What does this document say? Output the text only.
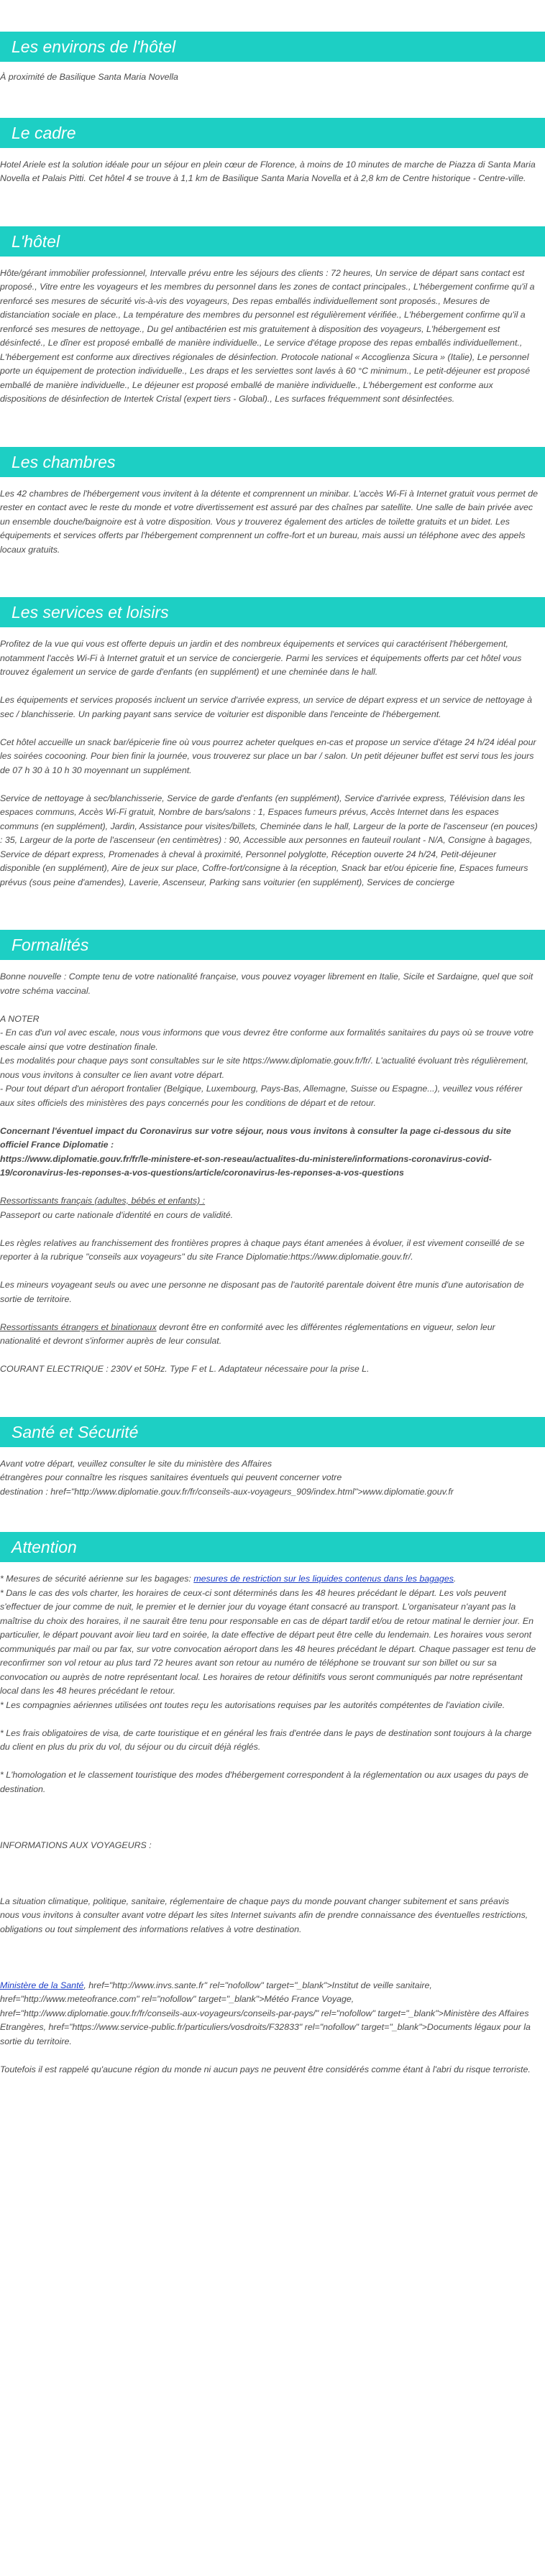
Les environs de l'hôtel

À proximité de Basilique Santa Maria Novella

Le cadre

Hotel Ariele est la solution idéale pour un séjour en plein cœur de Florence, à moins de 10 minutes de marche de Piazza di Santa Maria Novella et Palais Pitti. Cet hôtel 4 se trouve à 1,1 km de Basilique Santa Maria Novella et à 2,8 km de Centre historique - Centre-ville.

L'hôtel

Hôte/gérant immobilier professionnel, Intervalle prévu entre les séjours des clients : 72 heures, Un service de départ sans contact est proposé., Vitre entre les voyageurs et les membres du personnel dans les zones de contact principales., L'hébergement confirme qu'il a renforcé ses mesures de sécurité vis-à-vis des voyageurs, Des repas emballés individuellement sont proposés., Mesures de distanciation sociale en place., La température des membres du personnel est régulièrement vérifiée., L'hébergement confirme qu'il a renforcé ses mesures de nettoyage., Du gel antibactérien est mis gratuitement à disposition des voyageurs, L'hébergement est désinfecté., Le dîner est proposé emballé de manière individuelle., Le service d'étage propose des repas emballés individuellement., L'hébergement est conforme aux directives régionales de désinfection. Protocole national « Accoglienza Sicura » (Italie), Le personnel porte un équipement de protection individuelle., Les draps et les serviettes sont lavés à 60 °C minimum., Le petit-déjeuner est proposé emballé de manière individuelle., Le déjeuner est proposé emballé de manière individuelle., L'hébergement est conforme aux dispositions de désinfection de Intertek Cristal (expert tiers - Global)., Les surfaces fréquemment sont désinfectées.

Les chambres

Les 42 chambres de l'hébergement vous invitent à la détente et comprennent un minibar. L'accès Wi-Fi à Internet gratuit vous permet de rester en contact avec le reste du monde et votre divertissement est assuré par des chaînes par satellite. Une salle de bain privée avec un ensemble douche/baignoire est à votre disposition. Vous y trouverez également des articles de toilette gratuits et un bidet. Les équipements et services offerts par l'hébergement comprennent un coffre-fort et un bureau, mais aussi un téléphone avec des appels locaux gratuits.

Les services et loisirs

Profitez de la vue qui vous est offerte depuis un jardin et des nombreux équipements et services qui caractérisent l'hébergement, notamment l'accès Wi-Fi à Internet gratuit et un service de conciergerie. Parmi les services et équipements offerts par cet hôtel vous trouvez également un service de garde d'enfants (en supplément) et une cheminée dans le hall.

Les équipements et services proposés incluent un service d'arrivée express, un service de départ express et un service de nettoyage à sec / blanchisserie. Un parking payant sans service de voiturier est disponible dans l'enceinte de l'hébergement.

Cet hôtel accueille un snack bar/épicerie fine où vous pourrez acheter quelques en-cas et propose un service d'étage 24 h/24 idéal pour les soirées cocooning. Pour bien finir la journée, vous trouverez sur place un bar / salon. Un petit déjeuner buffet est servi tous les jours de 07 h 30 à 10 h 30 moyennant un supplément.

Service de nettoyage à sec/blanchisserie, Service de garde d'enfants (en supplément), Service d'arrivée express, Télévision dans les espaces communs, Accès Wi-Fi gratuit, Nombre de bars/salons : 1, Espaces fumeurs prévus, Accès Internet dans les espaces communs (en supplément), Jardin, Assistance pour visites/billets, Cheminée dans le hall, Largeur de la porte de l'ascenseur (en pouces) : 35, Largeur de la porte de l'ascenseur (en centimètres) : 90, Accessible aux personnes en fauteuil roulant - N/A, Consigne à bagages, Service de départ express, Promenades à cheval à proximité, Personnel polyglotte, Réception ouverte 24 h/24, Petit-déjeuner disponible (en supplément), Aire de jeux sur place, Coffre-fort/consigne à la réception, Snack bar et/ou épicerie fine, Espaces fumeurs prévus (sous peine d'amendes), Laverie, Ascenseur, Parking sans voiturier (en supplément), Services de concierge

Formalités

Bonne nouvelle : Compte tenu de votre nationalité française, vous pouvez voyager librement en Italie, Sicile et Sardaigne, quel que soit votre schéma vaccinal.

A NOTER

- En cas d'un vol avec escale, nous vous informons que vous devrez être conforme aux formalités sanitaires du pays où se trouve votre escale ainsi que votre destination finale.
Les modalités pour chaque pays sont consultables sur le site https://www.diplomatie.gouv.fr/fr/. L'actualité évoluant très régulièrement, nous vous invitons à consulter ce lien avant votre départ.
- Pour tout départ d'un aéroport frontalier (Belgique, Luxembourg, Pays-Bas, Allemagne, Suisse ou Espagne...), veuillez vous référer aux sites officiels des ministères des pays concernés pour les conditions de départ et de retour.

Concernant l'éventuel impact du Coronavirus sur votre séjour, nous vous invitons à consulter la page ci-dessous du site officiel France Diplomatie :
https://www.diplomatie.gouv.fr/fr/le-ministere-et-son-reseau/actualites-du-ministere/informations-coronavirus-covid-19/coronavirus-les-reponses-a-vos-questions/article/coronavirus-les-reponses-a-vos-questions

Ressortissants français (adultes, bébés et enfants) :

Passeport ou carte nationale d'identité en cours de validité.

Les règles relatives au franchissement des frontières propres à chaque pays étant amenées à évoluer, il est vivement conseillé de se reporter à la rubrique "conseils aux voyageurs" du site France Diplomatie:https://www.diplomatie.gouv.fr/.

Les mineurs voyageant seuls ou avec une personne ne disposant pas de l'autorité parentale doivent être munis d'une autorisation de sortie de territoire.

Ressortissants étrangers et binationaux devront être en conformité avec les différentes réglementations en vigueur, selon leur nationalité et devront s'informer auprès de leur consulat.

COURANT ELECTRIQUE : 230V et 50Hz. Type F et L. Adaptateur nécessaire pour la prise L.

Santé et Sécurité

Avant votre départ, veuillez consulter le site du ministère des Affaires
étrangères pour connaître les risques sanitaires éventuels qui peuvent concerner votre
destination : href="http://www.diplomatie.gouv.fr/fr/conseils-aux-voyageurs_909/index.html">www.diplomatie.gouv.fr

Attention

* Mesures de sécurité aérienne sur les bagages: mesures de restriction sur les liquides contenus dans les bagages.
* Dans le cas des vols charter, les horaires de ceux-ci sont déterminés dans les 48 heures précédant le départ. Les vols peuvent s'effectuer de jour comme de nuit, le premier et le dernier jour du voyage étant consacré au transport. L'organisateur n'ayant pas la maîtrise du choix des horaires, il ne saurait être tenu pour responsable en cas de départ tardif et/ou de retour matinal le dernier jour. En particulier, le départ pouvant avoir lieu tard en soirée, la date effective de départ peut être celle du lendemain. Les horaires vous seront communiqués par mail ou par fax, sur votre convocation aéroport dans les 48 heures précédant le départ. Chaque passager est tenu de reconfirmer son vol retour au plus tard 72 heures avant son retour au numéro de téléphone se trouvant sur son billet ou sur sa convocation ou auprès de notre représentant local. Les horaires de retour définitifs vous seront communiqués par notre représentant local dans les 48 heures précédant le retour.
* Les compagnies aériennes utilisées ont toutes reçu les autorisations requises par les autorités compétentes de l'aviation civile.

* Les frais obligatoires de visa, de carte touristique et en général les frais d'entrée dans le pays de destination sont toujours à la charge du client en plus du prix du vol, du séjour ou du circuit déjà réglés.

* L'homologation et le classement touristique des modes d'hébergement correspondent à la réglementation ou aux usages du pays de destination.

INFORMATIONS AUX VOYAGEURS :

La situation climatique, politique, sanitaire, réglementaire de chaque pays du monde pouvant changer subitement et sans préavis
nous vous invitons à consulter avant votre départ les sites Internet suivants afin de prendre connaissance des éventuelles restrictions, obligations ou tout simplement des informations relatives à votre destination.

Ministère de la Santé, href="http://www.invs.sante.fr" rel="nofollow" target="_blank">Institut de veille sanitaire, href="http://www.meteofrance.com" rel="nofollow" target="_blank">Météo France Voyage, href="http://www.diplomatie.gouv.fr/fr/conseils-aux-voyageurs/conseils-par-pays/" rel="nofollow" target="_blank">Ministère des Affaires Etrangères, href="https://www.service-public.fr/particuliers/vosdroits/F32833" rel="nofollow" target="_blank">Documents légaux pour la sortie du territoire.

Toutefois il est rappelé qu'aucune région du monde ni aucun pays ne peuvent être considérés comme étant à l'abri du risque terroriste.
